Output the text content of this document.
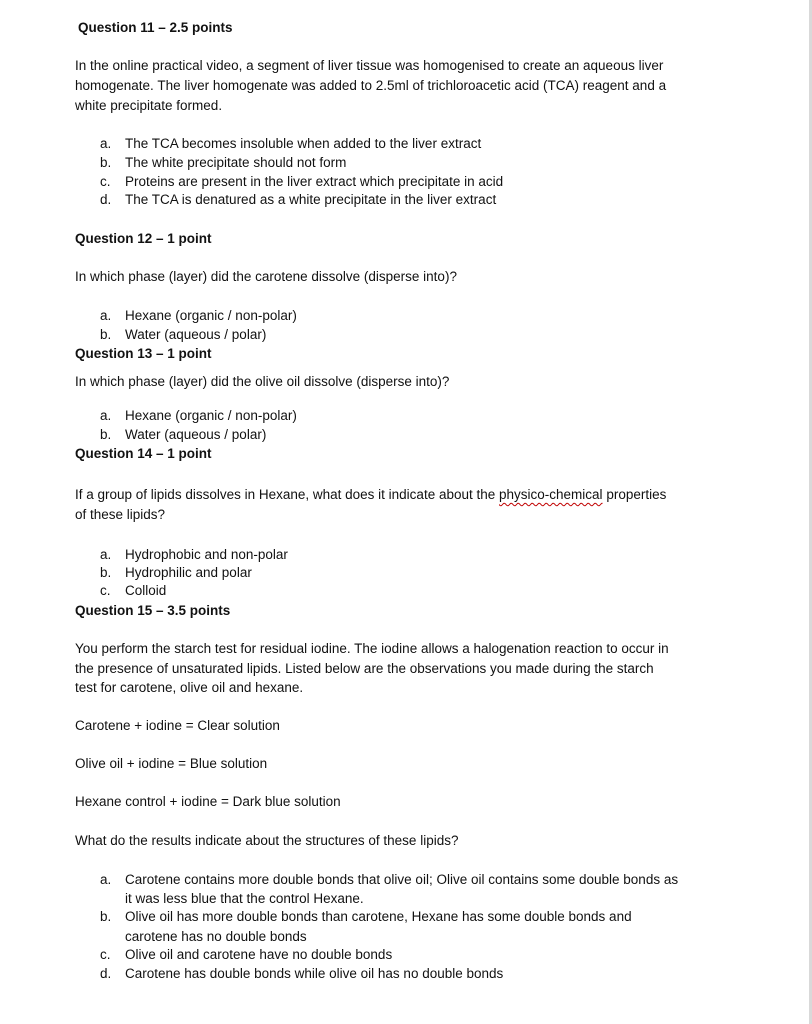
Question 11 – 2.5 points
In the online practical video, a segment of liver tissue was homogenised to create an aqueous liver
homogenate. The liver homogenate was added to 2.5ml of trichloroacetic acid (TCA) reagent and a
white precipitate formed.
a. The TCA becomes insoluble when added to the liver extract
b. The white precipitate should not form
c. Proteins are present in the liver extract which precipitate in acid
d. The TCA is denatured as a white precipitate in the liver extract
Question 12 – 1 point
In which phase (layer) did the carotene dissolve (disperse into)?
a. Hexane (organic / non-polar)
b. Water (aqueous / polar)
Question 13 – 1 point
In which phase (layer) did the olive oil dissolve (disperse into)?
a. Hexane (organic / non-polar)
b. Water (aqueous / polar)
Question 14 – 1 point
If a group of lipids dissolves in Hexane, what does it indicate about the physico-chemical properties
of these lipids?
a. Hydrophobic and non-polar
b. Hydrophilic and polar
c. Colloid
Question 15 – 3.5 points
You perform the starch test for residual iodine. The iodine allows a halogenation reaction to occur in
the presence of unsaturated lipids. Listed below are the observations you made during the starch
test for carotene, olive oil and hexane.
Carotene + iodine = Clear solution
Olive oil + iodine = Blue solution
Hexane control + iodine = Dark blue solution
What do the results indicate about the structures of these lipids?
a. Carotene contains more double bonds that olive oil; Olive oil contains some double bonds as
it was less blue that the control Hexane.
b. Olive oil has more double bonds than carotene, Hexane has some double bonds and
carotene has no double bonds
c. Olive oil and carotene have no double bonds
d. Carotene has double bonds while olive oil has no double bonds
